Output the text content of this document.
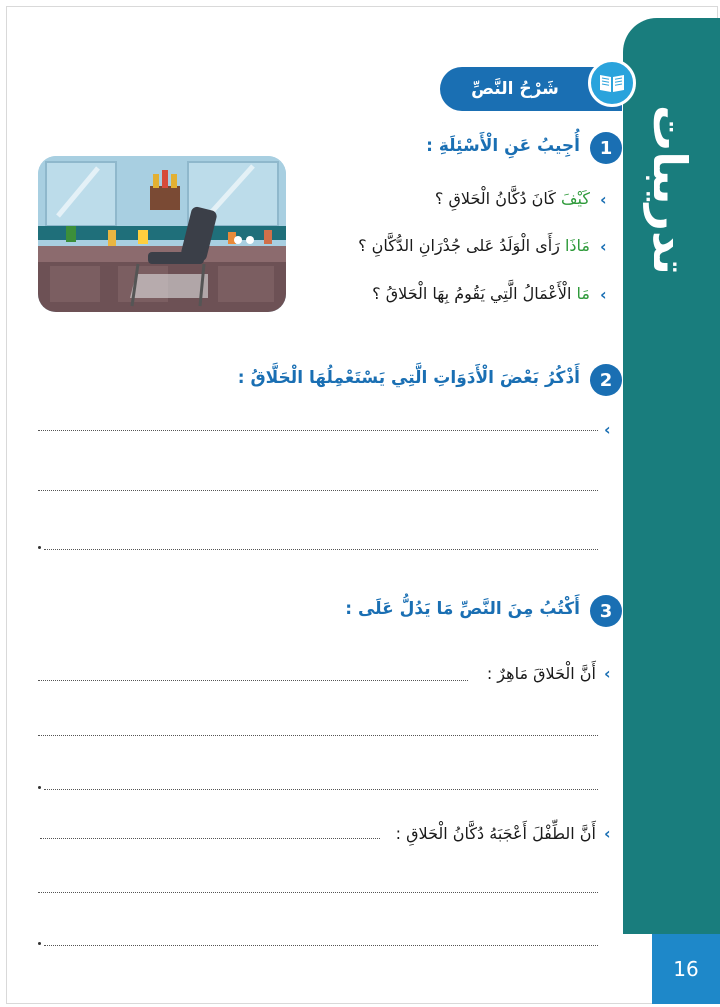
تدريبات
16
شَرْحُ النَّصِّ
1
أُجِيبُ عَنِ الْأَسْئِلَةِ :
‹
كَيْفَ كَانَ دُكَّانُ الْحَلاقِ ؟
‹
مَاذَا رَأَى الْوَلَدُ عَلى جُدْرَانِ الدُّكَّانِ ؟
‹
مَا الْأَعْمَالُ الَّتِي يَقُومُ بِهَا الْحَلاقُ ؟
2
أَذْكُرُ بَعْضَ الْأَدَوَاتِ الَّتِي يَسْتَعْمِلُهَا الْحَلَّاقُ :
‹
3
أَكْتُبُ مِنَ النَّصِّ مَا يَدُلُّ عَلَى :
‹
أَنَّ الْحَلاقَ مَاهِرٌ :
‹
أَنَّ الطِّفْلَ أَعْجَبَهُ دُكَّانُ الْحَلاقِ :
